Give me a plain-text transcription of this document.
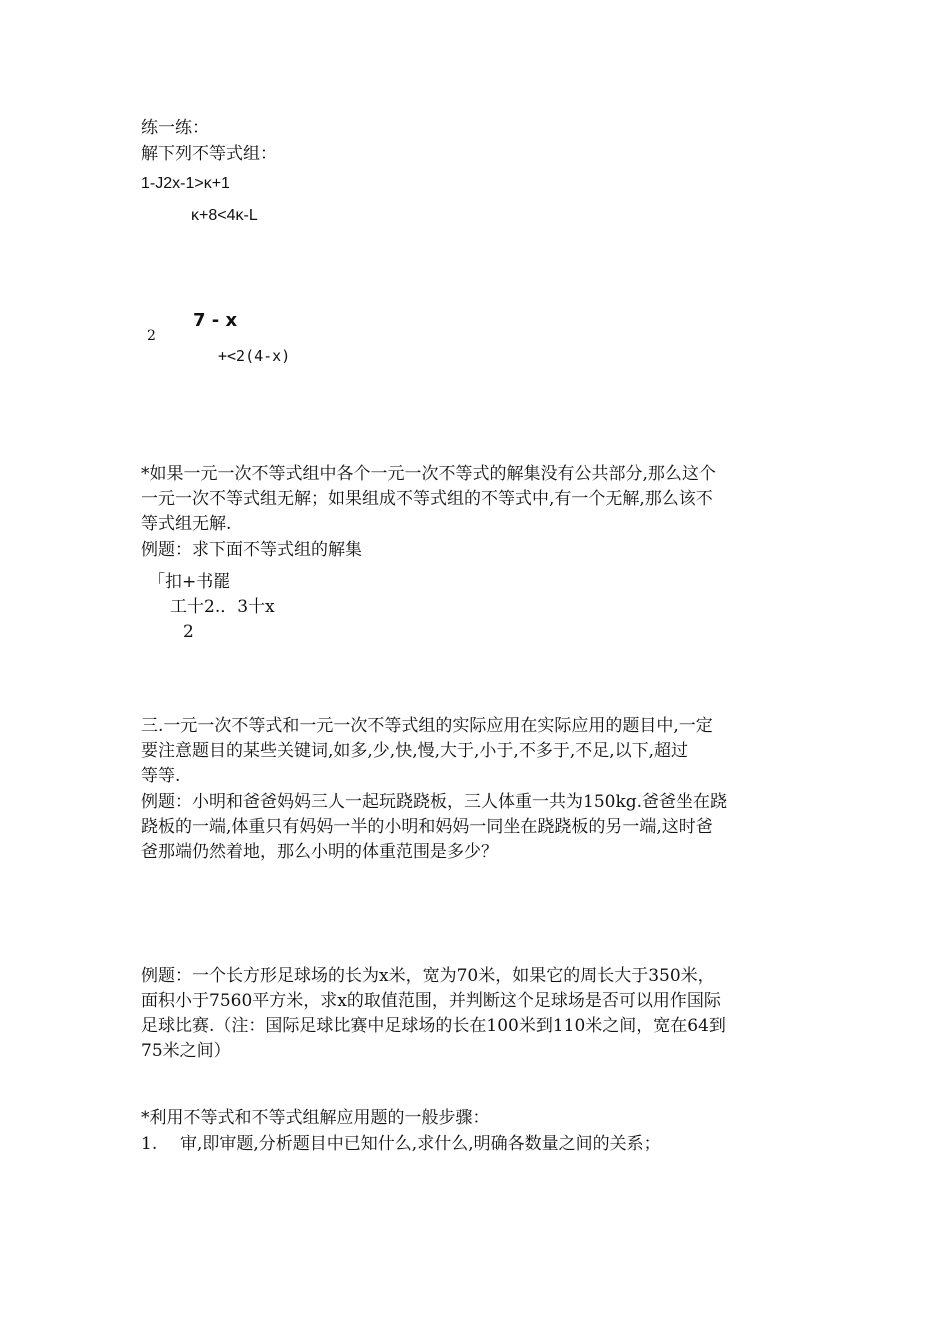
练一练：
解下列不等式组：
1-J2x-1>κ+1
κ+8<4κ-L
2
7 - x
+<2(4-x)
*如果一元一次不等式组中各个一元一次不等式的解集没有公共部分,那么这个
一元一次不等式组无解；如果组成不等式组的不等式中,有一个无解,那么该不
等式组无解.
例题：求下面不等式组的解集
「扣+书罷
工十2.．3十x
2
三.一元一次不等式和一元一次不等式组的实际应用在实际应用的题目中,一定
要注意题目的某些关键词,如多,少,快,慢,大于,小于,不多于,不足,以下,超过
等等.
例题：小明和爸爸妈妈三人一起玩跷跷板，三人体重一共为150kg.爸爸坐在跷
跷板的一端,体重只有妈妈一半的小明和妈妈一同坐在跷跷板的另一端,这时爸
爸那端仍然着地，那么小明的体重范围是多少？
例题：一个长方形足球场的长为x米，宽为70米，如果它的周长大于350米，
面积小于7560平方米，求x的取值范围，并判断这个足球场是否可以用作国际
足球比赛.（注：国际足球比赛中足球场的长在100米到110米之间，宽在64到
75米之间）
*利用不等式和不等式组解应用题的一般步骤：
1. 审,即审题,分析题目中已知什么,求什么,明确各数量之间的关系；
